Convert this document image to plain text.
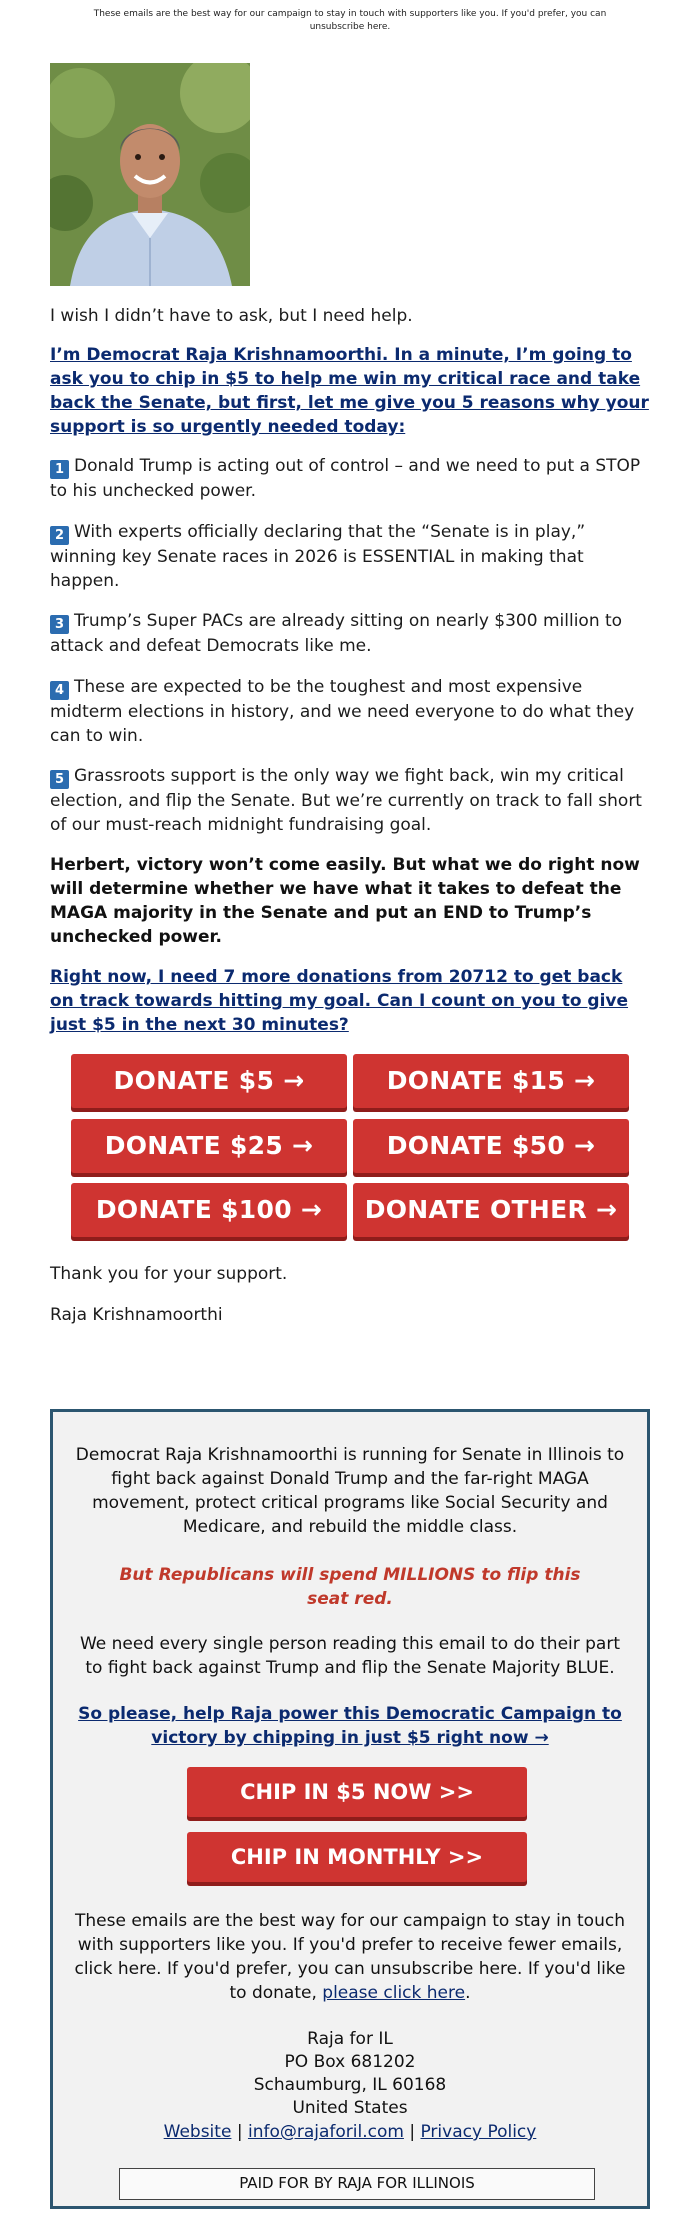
These emails are the best way for our campaign to stay in touch with supporters like you. If you'd prefer, you can unsubscribe here.

I wish I didn’t have to ask, but I need help.

I’m Democrat Raja Krishnamoorthi. In a minute, I’m going to ask you to chip in $5 to help me win my critical race and take back the Senate, but first, let me give you 5 reasons why your support is so urgently needed today:

1 Donald Trump is acting out of control – and we need to put a STOP to his unchecked power.

2 With experts officially declaring that the “Senate is in play,” winning key Senate races in 2026 is ESSENTIAL in making that happen.

3 Trump’s Super PACs are already sitting on nearly $300 million to attack and defeat Democrats like me.

4 These are expected to be the toughest and most expensive midterm elections in history, and we need everyone to do what they can to win.

5 Grassroots support is the only way we fight back, win my critical election, and flip the Senate. But we’re currently on track to fall short of our must-reach midnight fundraising goal.

Herbert, victory won’t come easily. But what we do right now will determine whether we have what it takes to defeat the MAGA majority in the Senate and put an END to Trump’s unchecked power.

Right now, I need 7 more donations from 20712 to get back on track towards hitting my goal. Can I count on you to give just $5 in the next 30 minutes?
DONATE $5 →	DONATE $15 →
DONATE $25 →	DONATE $50 →
DONATE $100 →	DONATE OTHER →

Thank you for your support.

Raja Krishnamoorthi

Democrat Raja Krishnamoorthi is running for Senate in Illinois to fight back against Donald Trump and the far-right MAGA movement, protect critical programs like Social Security and Medicare, and rebuild the middle class.
But Republicans will spend MILLIONS to flip this seat red.
We need every single person reading this email to do their part to fight back against Trump and flip the Senate Majority BLUE.
So please, help Raja power this Democratic Campaign to victory by chipping in just $5 right now →
CHIP IN $5 NOW >>
CHIP IN MONTHLY >>
These emails are the best way for our campaign to stay in touch with supporters like you. If you'd prefer to receive fewer emails, click here. If you'd prefer, you can unsubscribe here. If you'd like to donate, please click here.
Raja for IL
PO Box 681202
Schaumburg, IL 60168
United States
Website | info@rajaforil.com | Privacy Policy
PAID FOR BY RAJA FOR ILLINOIS
